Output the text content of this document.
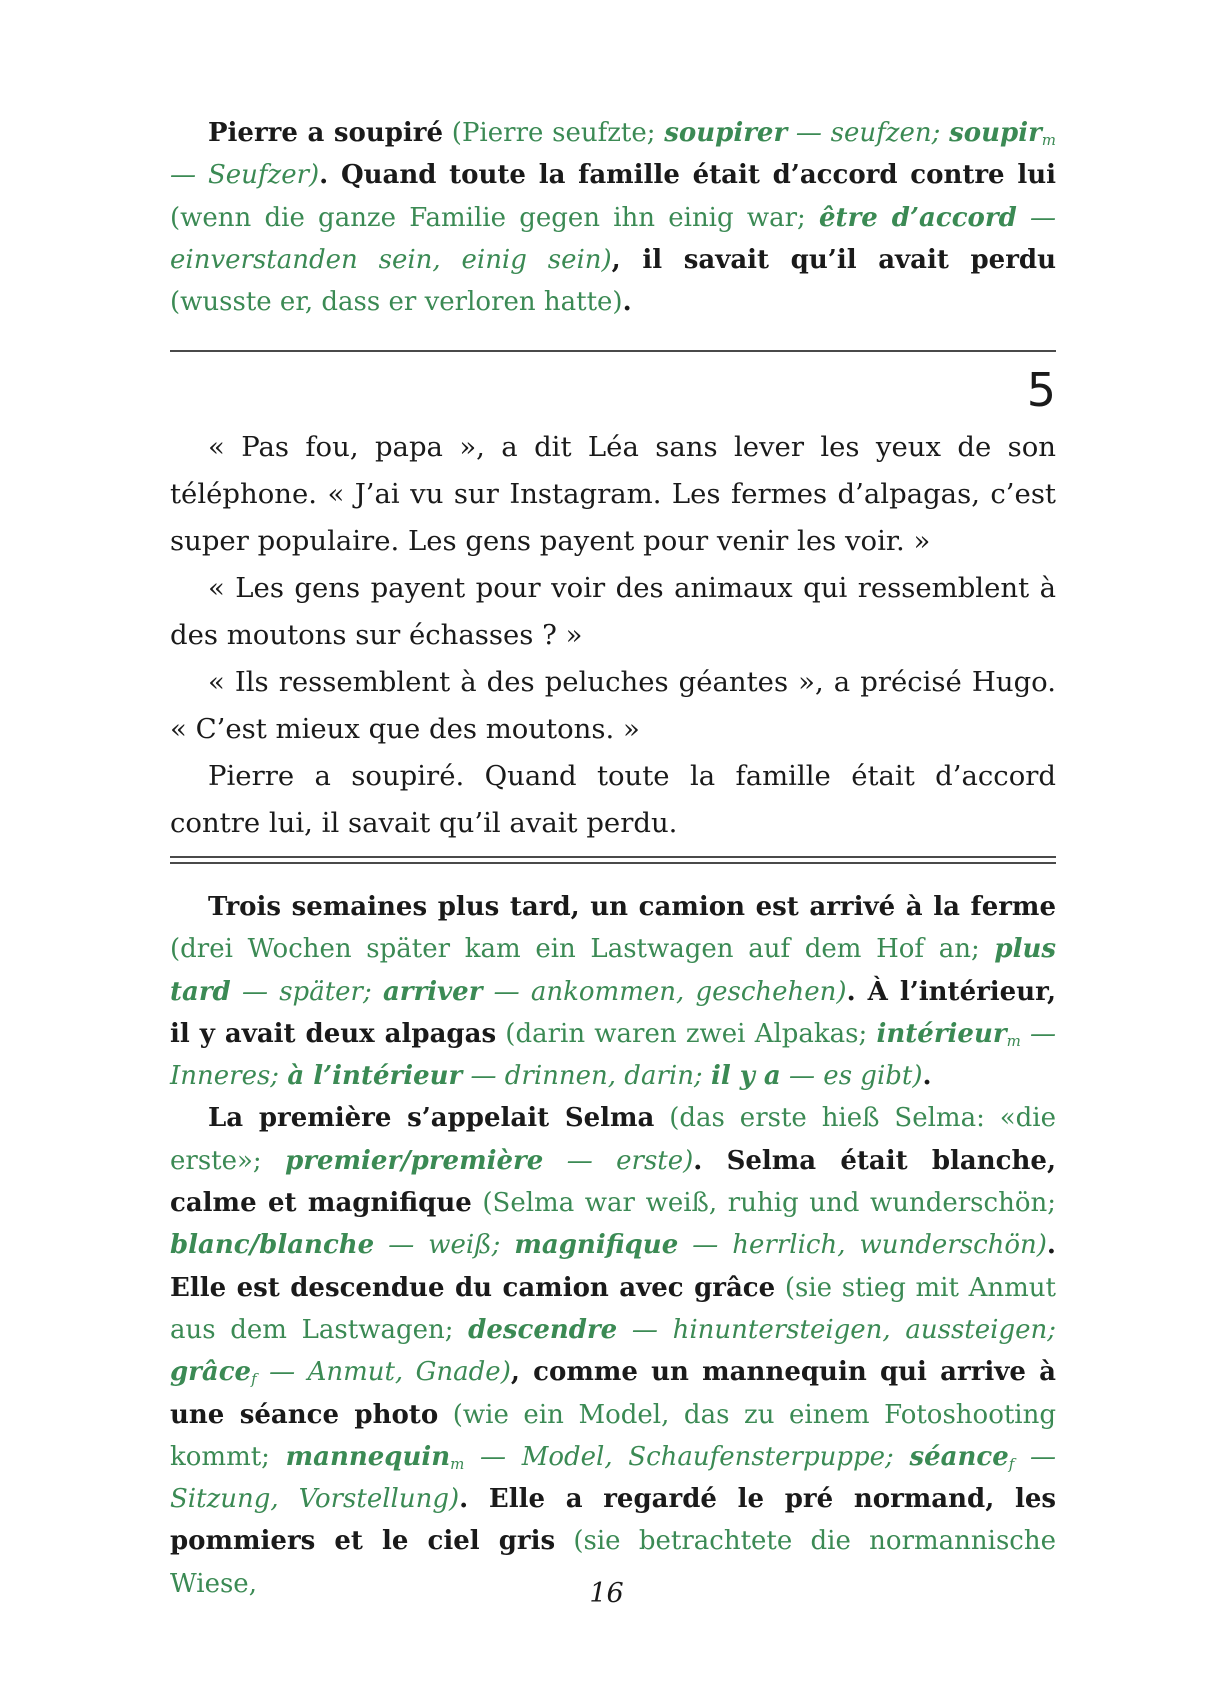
Pierre a soupiré (Pierre seufzte; soupirer — seufzen; soupir$_m$ — Seufzer). Quand toute la famille était d’accord contre lui (wenn die ganze Familie gegen ihn einig war; être d’accord — einverstanden sein, einig sein), il savait qu’il avait perdu (wusste er, dass er verloren hatte).

5

« Pas fou, papa », a dit Léa sans lever les yeux de son téléphone. « J’ai vu sur Instagram. Les fermes d’alpagas, c’est super populaire. Les gens payent pour venir les voir. »

« Les gens payent pour voir des animaux qui ressemblent à des moutons sur échasses ? »

« Ils ressemblent à des peluches géantes », a précisé Hugo. « C’est mieux que des moutons. »

Pierre a soupiré. Quand toute la famille était d’accord contre lui, il savait qu’il avait perdu.

Trois semaines plus tard, un camion est arrivé à la ferme (drei Wochen später kam ein Lastwagen auf dem Hof an; plus tard — später; arriver — ankommen, geschehen). À l’intérieur, il y avait deux alpagas (darin waren zwei Alpakas; intérieur$_m$ — Inneres; à l’intérieur — drinnen, darin; il y a — es gibt).

La première s’appelait Selma (das erste hieß Selma: «die erste»; premier/première — erste). Selma était blanche, calme et magnifique (Selma war weiß, ruhig und wunderschön; blanc/blanche — weiß; magnifique — herrlich, wunderschön). Elle est descendue du camion avec grâce (sie stieg mit Anmut aus dem Lastwagen; descendre — hinuntersteigen, aussteigen; grâce$_f$ — Anmut, Gnade), comme un mannequin qui arrive à une séance photo (wie ein Model, das zu einem Fotoshooting kommt; mannequin$_m$ — Model, Schaufensterpuppe; séance$_f$ — Sitzung, Vorstellung). Elle a regardé le pré normand, les pommiers et le ciel gris (sie betrachtete die normannische Wiese,	16
